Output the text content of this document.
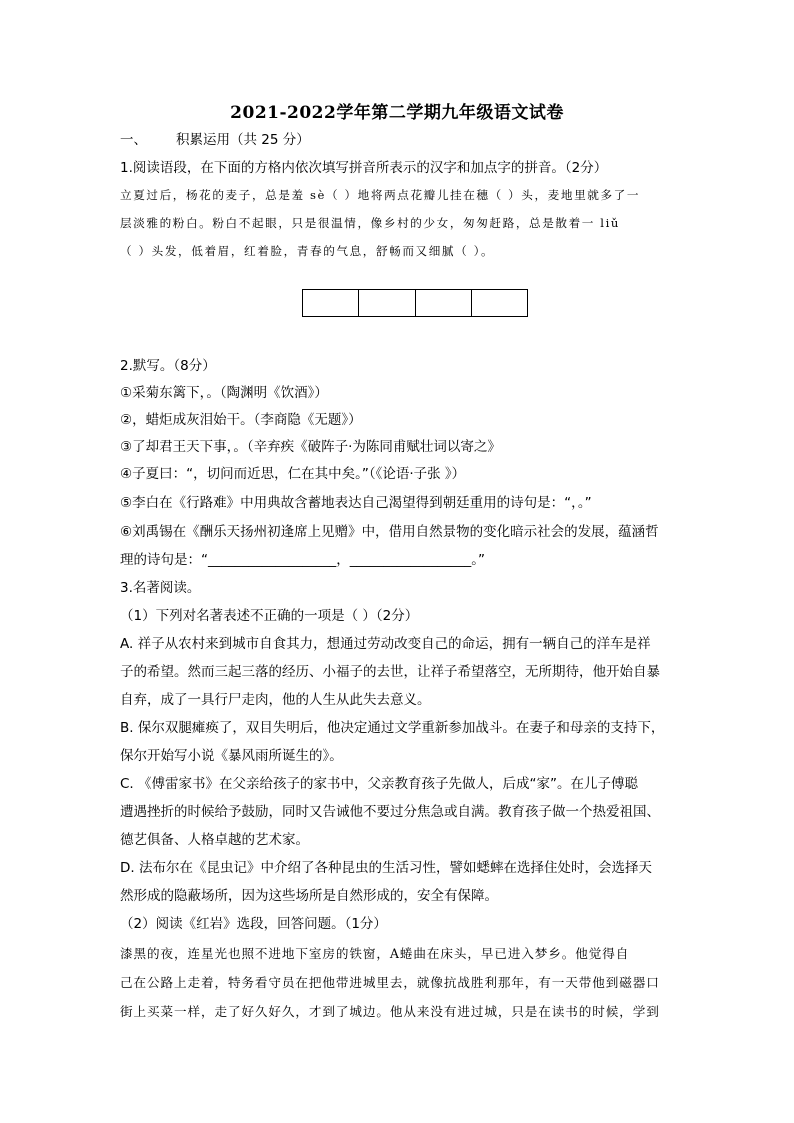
2021-2022学年第二学期九年级语文试卷
一、 积累运用（共 25 分）
1.阅读语段，在下面的方格内依次填写拼音所表示的汉字和加点字的拼音。（2分）
立夏过后，杨花的麦子，总是羞 sè（ ）地将两点花瓣儿挂在穗（ ）头，麦地里就多了一
层淡雅的粉白。粉白不起眼，只是很温情，像乡村的少女，匆匆赶路，总是散着一 liǔ
（ ）头发，低着眉，红着脸，青春的气息，舒畅而又细腻（ ）。
2.默写。（8分）
①采菊东篱下，。（陶渊明《饮酒》）
②，蜡炬成灰泪始干。（李商隐《无题》）
③了却君王天下事，。（辛弃疾《破阵子·为陈同甫赋壮词以寄之》
④子夏曰：“，切问而近思，仁在其中矣。”（《论语·子张 》）
⑤李白在《行路难》中用典故含蓄地表达自己渴望得到朝廷重用的诗句是：“，。”
⑥刘禹锡在《酬乐天扬州初逢席上见赠》中，借用自然景物的变化暗示社会的发展，蕴涵哲
理的诗句是：“___________________，__________________。”
3.名著阅读。
（1）下列对名著表述不正确的一项是（ ）（2分）
A. 祥子从农村来到城市自食其力，想通过劳动改变自己的命运，拥有一辆自己的洋车是祥
子的希望。然而三起三落的经历、小福子的去世，让祥子希望落空，无所期待，他开始自暴
自弃，成了一具行尸走肉，他的人生从此失去意义。
B. 保尔双腿瘫痪了，双目失明后，他决定通过文学重新参加战斗。在妻子和母亲的支持下，
保尔开始写小说《暴风雨所诞生的》。
C. 《傅雷家书》在父亲给孩子的家书中，父亲教育孩子先做人，后成“家”。在儿子傅聪
遭遇挫折的时候给予鼓励，同时又告诫他不要过分焦急或自满。教育孩子做一个热爱祖国、
德艺俱备、人格卓越的艺术家。
D. 法布尔在《昆虫记》中介绍了各种昆虫的生活习性，譬如蟋蟀在选择住处时，会选择天
然形成的隐蔽场所，因为这些场所是自然形成的，安全有保障。
（2）阅读《红岩》选段，回答问题。（1分）
漆黑的夜，连星光也照不进地下室房的铁窗，A蜷曲在床头，早已进入梦乡。他觉得自
己在公路上走着，特务看守员在把他带进城里去，就像抗战胜利那年，有一天带他到磁器口
街上买菜一样，走了好久好久，才到了城边。他从来没有进过城，只是在读书的时候，学到
